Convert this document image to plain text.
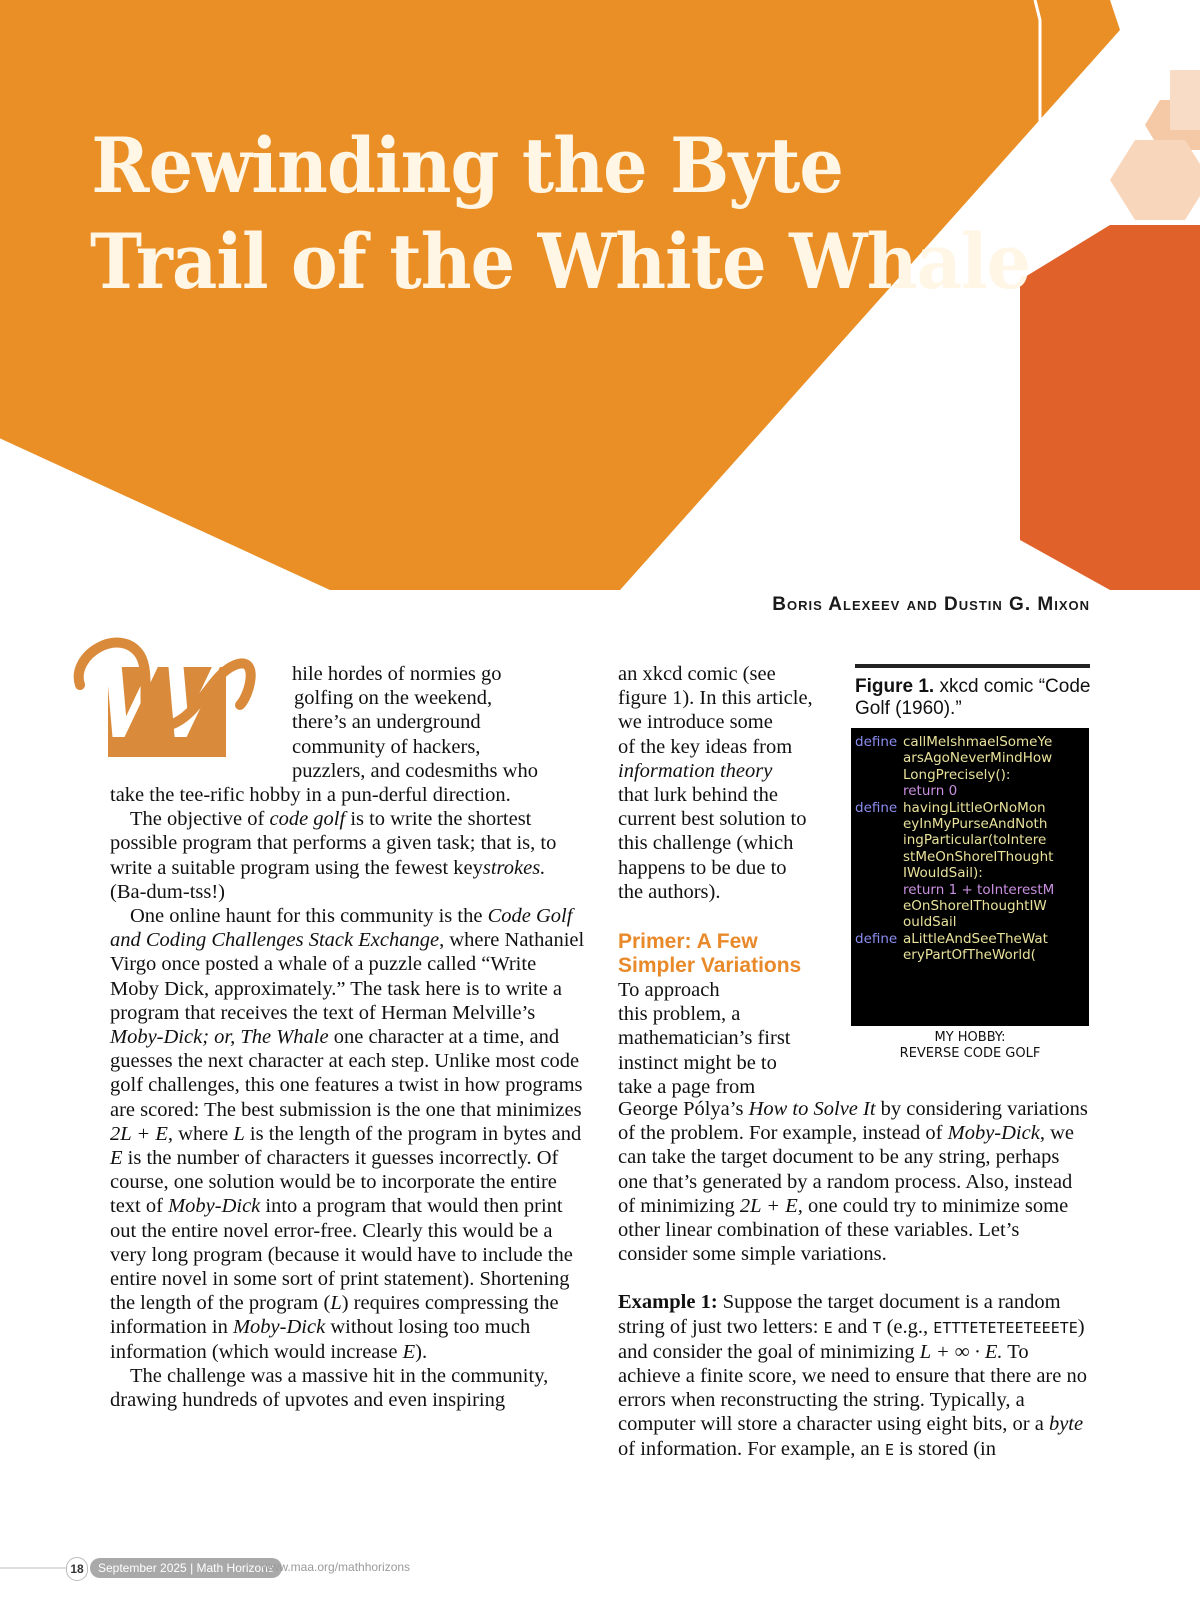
Rewinding the Byte
Trail of the White Whale
Boris Alexeev and Dustin G. Mixon
W	hile hordes of normies go
golfing on the weekend,
there’s an underground
community of hackers,
puzzlers, and codesmiths who

take the tee-rific hobby in a pun-derful direction.

The objective of code golf is to write the shortest possible program that performs a given task; that is, to write a suitable program using the fewest keystrokes. (Ba-dum-tss!)

One online haunt for this community is the Code Golf and Coding Challenges Stack Exchange, where Nathaniel Virgo once posted a whale of a puzzle called “Write Moby Dick, approximately.” The task here is to write a program that receives the text of Herman Melville’s Moby-Dick; or, The Whale one character at a time, and guesses the next character at each step. Unlike most code golf challenges, this one features a twist in how programs are scored: The best submission is the one that minimizes 2L + E, where L is the length of the program in bytes and E is the number of characters it guesses incorrectly. Of course, one solution would be to incorporate the entire text of Moby-Dick into a program that would then print out the entire novel error-free. Clearly this would be a very long program (because it would have to include the entire novel in some sort of print statement). Shortening the length of the program (L) requires compressing the information in Moby-Dick without losing too much information (which would increase E).

The challenge was a massive hit in the community, drawing hundreds of upvotes and even inspiring

an xkcd comic (see
figure 1). In this article,
we introduce some
of the key ideas from
information theory
that lurk behind the
current best solution to
this challenge (which
happens to be due to
the authors).
Primer: A Few
Simpler Variations
To approach
this problem, a
mathematician’s first
instinct might be to
take a page from

George Pólya’s How to Solve It by considering variations of the problem. For example, instead of Moby-Dick, we can take the target document to be any string, perhaps one that’s generated by a random process. Also, instead of minimizing 2L + E, one could try to minimize some other linear combination of these variables. Let’s consider some simple variations.

Example 1: Suppose the target document is a random string of just two letters: E and T (e.g., ETTTETETEETEEETE) and consider the goal of minimizing L + ∞ · E. To achieve a finite score, we need to ensure that there are no errors when reconstructing the string. Typically, a computer will store a character using eight bits, or a byte of information. For example, an E is stored (in

Figure 1. xkcd comic “Code Golf (1960).”
define callMeIshmaelSomeYe
arsAgoNeverMindHow
LongPrecisely():
return 0
define havingLittleOrNoMon
eyInMyPurseAndNoth
ingParticular(toIntere
stMeOnShoreIThought
IWouldSail):
return 1 + toInterestM
eOnShoreIThoughtIW
ouldSail
define aLittleAndSeeTheWat
eryPartOfTheWorld(
MY HOBBY:
REVERSE CODE GOLF
18	September 2025 | Math Horizons
www.maa.org/mathhorizons
